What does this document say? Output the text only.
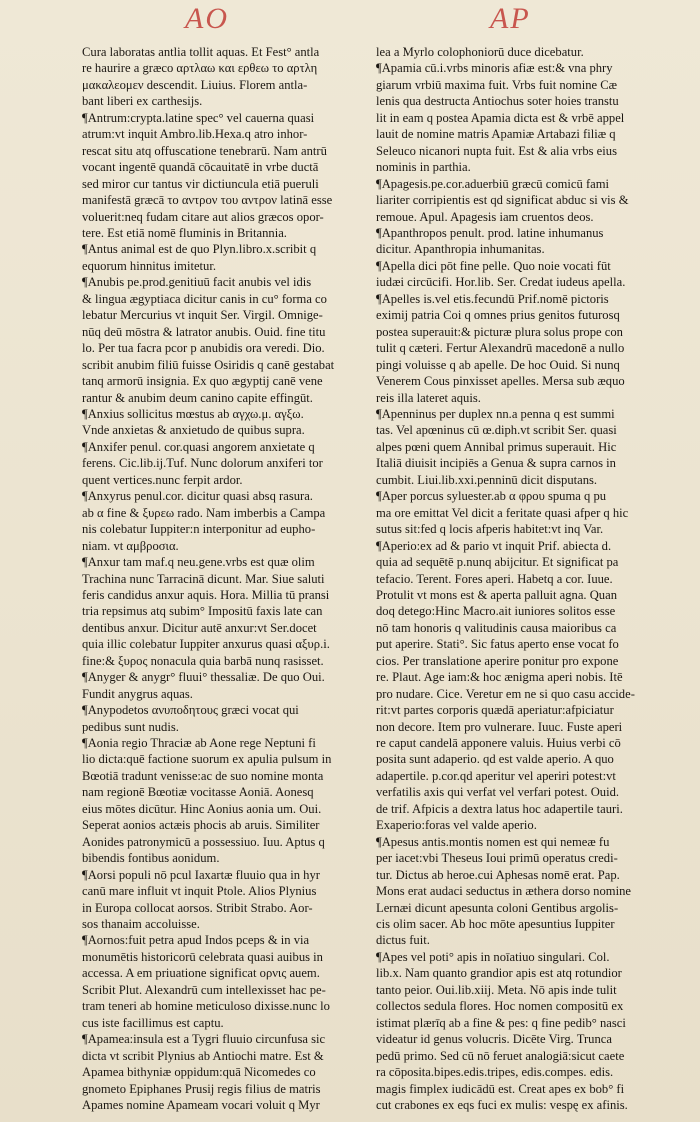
AO	AP
Cura laboratas antlia tollit aquas. Et Fest° antla
re haurire a græco αρτλαω και ερθεω το αρτλη
μακαλεομεν descendit. Liuius. Florem antla-
bant liberi ex carthesijs.
¶Antrum:crypta.latine spec° vel cauerna quasi
atrum:vt inquit Ambro.lib.Hexa.q atro inhor-
rescat situ atq offuscatione tenebrarū. Nam antrū
vocant ingentē quandā cōcauitatē in vrbe ductā
sed miror cur tantus vir dictiuncula etiā pueruli
manifestā græcā το αντρον του αντρον latinā esse
voluerit:neq fudam citare aut alios græcos opor-
tere. Est etiā nomē fluminis in Britannia.
¶Antus animal est de quo Plyn.libro.x.scribit q
equorum hinnitus imitetur.
¶Anubis pe.prod.genitiuū facit anubis vel idis
& lingua ægyptiaca dicitur canis in cu° forma co
lebatur Mercurius vt inquit Ser. Virgil. Omnige-
nūq deū mōstra & latrator anubis. Ouid. fine titu
lo. Per tua facra pcor p anubidis ora veredi. Dio.
scribit anubim filiū fuisse Osiridis q canē gestabat
tanq armorū insignia. Ex quo ægyptij canē vene
rantur & anubim deum canino capite effingūt.
¶Anxius sollicitus mœstus ab αγχω.μ. αγξω.
Vnde anxietas & anxietudo de quibus supra.
¶Anxifer penul. cor.quasi angorem anxietate q
ferens. Cic.lib.ij.Tuf. Nunc dolorum anxiferi tor
quent vertices.nunc ferpit ardor.
¶Anxyrus penul.cor. dicitur quasi absq rasura.
ab α fine & ξυρεω rado. Nam imberbis a Campa
nis colebatur Iuppiter:n interponitur ad eupho-
niam. vt αμβροσια.
¶Anxur tam maf.q neu.gene.vrbs est quæ olim
Trachina nunc Tarracinā dicunt. Mar. Siue saluti
feris candidus anxur aquis. Hora. Millia tū pransi
tria repsimus atq subim° Impositū faxis late can
dentibus anxur. Dicitur autē anxur:vt Ser.docet
quia illic colebatur Iuppiter anxurus quasi αξυρ.i.
fine:& ξυρος nonacula quia barbā nunq rasisset.
¶Anyger & anygr° fluui° thessaliæ. De quo Oui.
Fundit anygrus aquas.
¶Anypodetos ανυποδητους græci vocat qui
pedibus sunt nudis.
¶Aonia regio Thraciæ ab Aone rege Neptuni fi
lio dicta:quē factione suorum ex apulia pulsum in
Bœotiā tradunt venisse:ac de suo nomine monta
nam regionē Bœotiæ vocitasse Aoniā. Aonesq
eius mōtes dicūtur. Hinc Aonius aonia um. Oui.
Seperat aonios actæis phocis ab aruis. Similiter
Aonides patronymicū a possessiuo. Iuu. Aptus q
bibendis fontibus aonidum.
¶Aorsi populi nō pcul Iaxartæ fluuio qua in hyr
canū mare influit vt inquit Ptole. Alios Plynius
in Europa collocat aorsos. Stribit Strabo. Aor-
sos thanaim accoluisse.
¶Aornos:fuit petra apud Indos pceps & in via
monumētis historicorū celebrata quasi auibus in
accessa. A em priuatione significat ορνις auem.
Scribit Plut. Alexandrū cum intellexisset hac pe-
tram teneri ab homine meticuloso dixisse.nunc lo
cus iste facillimus est captu.
¶Apamea:insula est a Tygri fluuio circunfusa sic
dicta vt scribit Plynius ab Antiochi matre. Est &
Apamea bithyniæ oppidum:quā Nicomedes co
gnometo Epiphanes Prusij regis filius de matris
Apames nomine Apameam vocari voluit q Myr
lea a Myrlo colophoniorū duce dicebatur.
¶Apamia cū.i.vrbs minoris afiæ est:& vna phry
giarum vrbiū maxima fuit. Vrbs fuit nomine Cæ
lenis qua destructa Antiochus soter hoies transtu
lit in eam q postea Apamia dicta est & vrbē appel
lauit de nomine matris Apamiæ Artabazi filiæ q
Seleuco nicanori nupta fuit. Est & alia vrbs eius
nominis in parthia.
¶Apagesis.pe.cor.aduerbiū græcū comicū fami
liariter corripientis est qd significat abduc si vis &
remoue. Apul. Apagesis iam cruentos deos.
¶Apanthropos penult. prod. latine inhumanus
dicitur. Apanthropia inhumanitas.
¶Apella dici pōt fine pelle. Quo noie vocati fūt
iudæi circūcifi. Hor.lib. Ser. Credat iudeus apella.
¶Apelles is.vel etis.fecundū Prif.nomē pictoris
eximij patria Coi q omnes prius genitos futurosq
postea superauit:& picturæ plura solus prope con
tulit q cæteri. Fertur Alexandrū macedonē a nullo
pingi voluisse q ab apelle. De hoc Ouid. Si nunq
Venerem Cous pinxisset apelles. Mersa sub æquo
reis illa lateret aquis.
¶Apenninus per duplex nn.a penna q est summi
tas. Vel apœninus cū œ.diph.vt scribit Ser. quasi
alpes pœni quem Annibal primus superauit. Hic
Italiā diuisit incipiēs a Genua & supra carnos in
cumbit. Liui.lib.xxi.penninū dicit disputans.
¶Aper porcus syluester.ab α φρου spuma q pu
ma ore emittat Vel dicit a feritate quasi afper q hic
sutus sit:fed q locis afperis habitet:vt inq Var.
¶Aperio:ex ad & pario vt inquit Prif. abiecta d.
quia ad sequētē p.nunq abijcitur. Et significat pa
tefacio. Terent. Fores aperi. Habetq a cor. Iuue.
Protulit vt mons est & aperta palluit agna. Quan
doq detego:Hinc Macro.ait iuniores solitos esse
nō tam honoris q valitudinis causa maioribus ca
put aperire. Stati°. Sic fatus aperto ense vocat fo
cios. Per translatione aperire ponitur pro expone
re. Plaut. Age iam:& hoc ænigma aperi nobis. Itē
pro nudare. Cice. Veretur em ne si quo casu accide-
rit:vt partes corporis quædā aperiatur:afpiciatur
non decore. Item pro vulnerare. Iuuc. Fuste aperi
re caput candelā apponere valuis. Huius verbi cō
posita sunt adaperio. qd est valde aperio. A quo
adapertile. p.cor.qd aperitur vel aperiri potest:vt
verfatilis axis qui verfat vel verfari potest. Ouid.
de trif. Afpicis a dextra latus hoc adapertile tauri.
Exaperio:foras vel valde aperio.
¶Apesus antis.montis nomen est qui nemeæ fu
per iacet:vbi Theseus Ioui primū operatus credi-
tur. Dictus ab heroe.cui Aphesas nomē erat. Pap.
Mons erat audaci seductus in æthera dorso nomine
Lernæi dicunt apesunta coloni Gentibus argolis-
cis olim sacer. Ab hoc mōte apesuntius Iuppiter
dictus fuit.
¶Apes vel poti° apis in noīatiuo singulari. Col.
lib.x. Nam quanto grandior apis est atq rotundior
tanto peior. Oui.lib.xiij. Meta. Nō apis inde tulit
collectos sedula flores. Hoc nomen compositū ex
istimat plærīq ab a fine & pes: q fine pedib° nasci
videatur id genus volucris. Dicēte Virg. Trunca
pedū primo. Sed cū nō feruet analogiā:sicut caete
ra cōposita.bipes.edis.tripes, edis.compes. edis.
magis fimplex iudicādū est. Creat apes ex bob° fi
cut crabones ex eqs fuci ex mulis: vespę ex afinis.
